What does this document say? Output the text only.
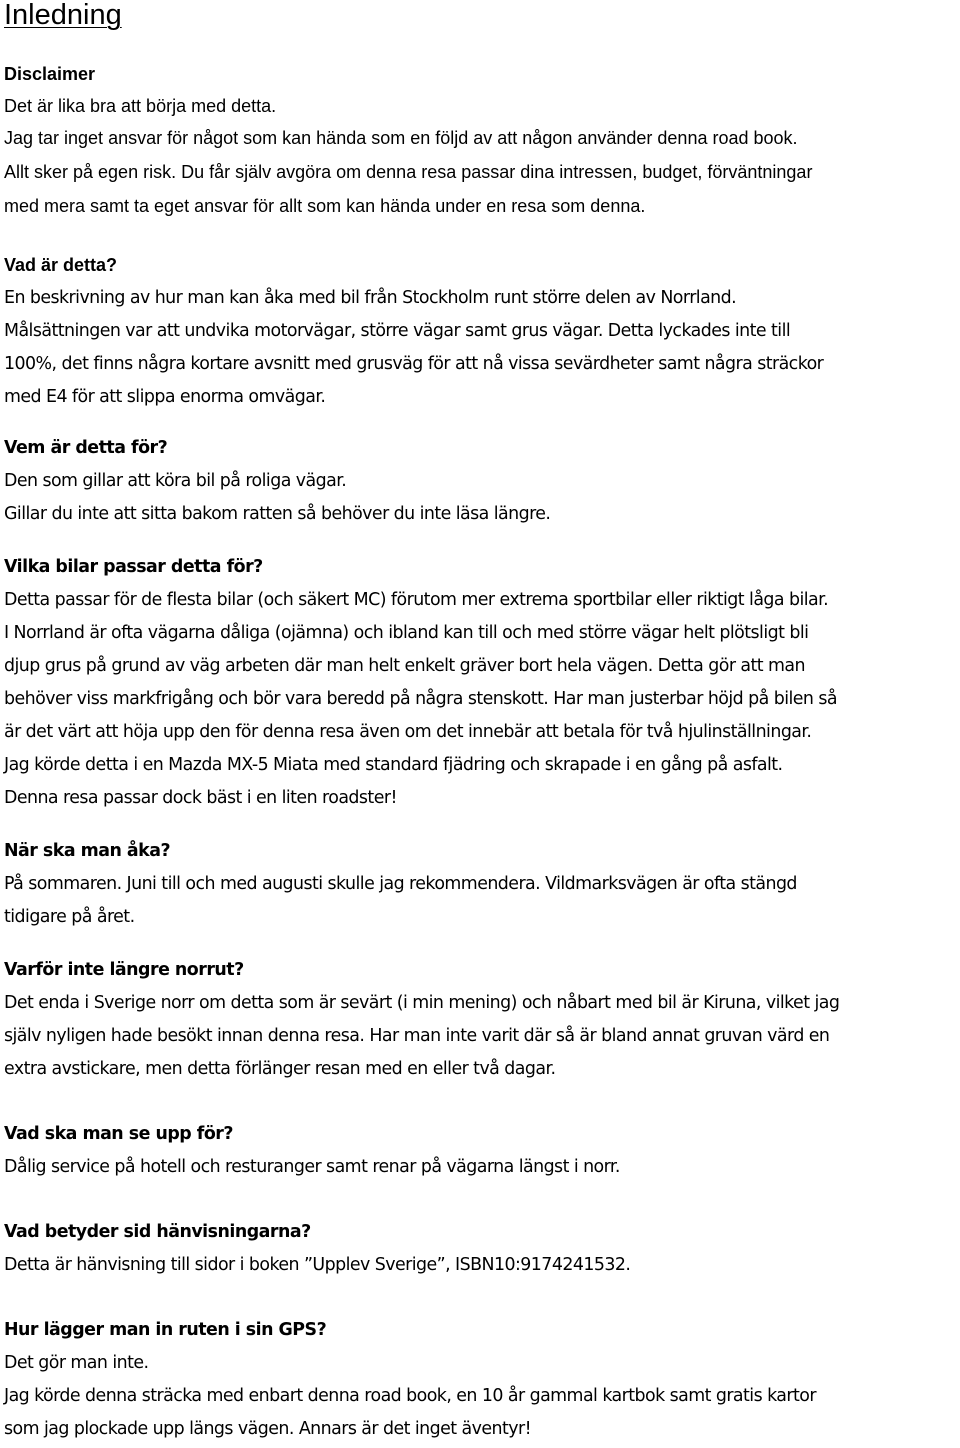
Inledning
Disclaimer
Det är lika bra att börja med detta.
Jag tar inget ansvar för något som kan hända som en följd av att någon använder denna road book.
Allt sker på egen risk. Du får själv avgöra om denna resa passar dina intressen, budget, förväntningar
med mera samt ta eget ansvar för allt som kan hända under en resa som denna.
Vad är detta?
En beskrivning av hur man kan åka med bil från Stockholm runt större delen av Norrland.
Målsättningen var att undvika motorvägar, större vägar samt grus vägar. Detta lyckades inte till
100%, det finns några kortare avsnitt med grusväg för att nå vissa sevärdheter samt några sträckor
med E4 för att slippa enorma omvägar.
Vem är detta för?
Den som gillar att köra bil på roliga vägar.
Gillar du inte att sitta bakom ratten så behöver du inte läsa längre.
Vilka bilar passar detta för?
Detta passar för de flesta bilar (och säkert MC) förutom mer extrema sportbilar eller riktigt låga bilar.
I Norrland är ofta vägarna dåliga (ojämna) och ibland kan till och med större vägar helt plötsligt bli
djup grus på grund av väg arbeten där man helt enkelt gräver bort hela vägen. Detta gör att man
behöver viss markfrigång och bör vara beredd på några stenskott. Har man justerbar höjd på bilen så
är det värt att höja upp den för denna resa även om det innebär att betala för två hjulinställningar.
Jag körde detta i en Mazda MX-5 Miata med standard fjädring och skrapade i en gång på asfalt.
Denna resa passar dock bäst i en liten roadster!
När ska man åka?
På sommaren. Juni till och med augusti skulle jag rekommendera. Vildmarksvägen är ofta stängd
tidigare på året.
Varför inte längre norrut?
Det enda i Sverige norr om detta som är sevärt (i min mening) och nåbart med bil är Kiruna, vilket jag
själv nyligen hade besökt innan denna resa. Har man inte varit där så är bland annat gruvan värd en
extra avstickare, men detta förlänger resan med en eller två dagar.
Vad ska man se upp för?
Dålig service på hotell och resturanger samt renar på vägarna längst i norr.
Vad betyder sid hänvisningarna?
Detta är hänvisning till sidor i boken ”Upplev Sverige”, ISBN10:9174241532.
Hur lägger man in ruten i sin GPS?
Det gör man inte.
Jag körde denna sträcka med enbart denna road book, en 10 år gammal kartbok samt gratis kartor
som jag plockade upp längs vägen. Annars är det inget äventyr!
